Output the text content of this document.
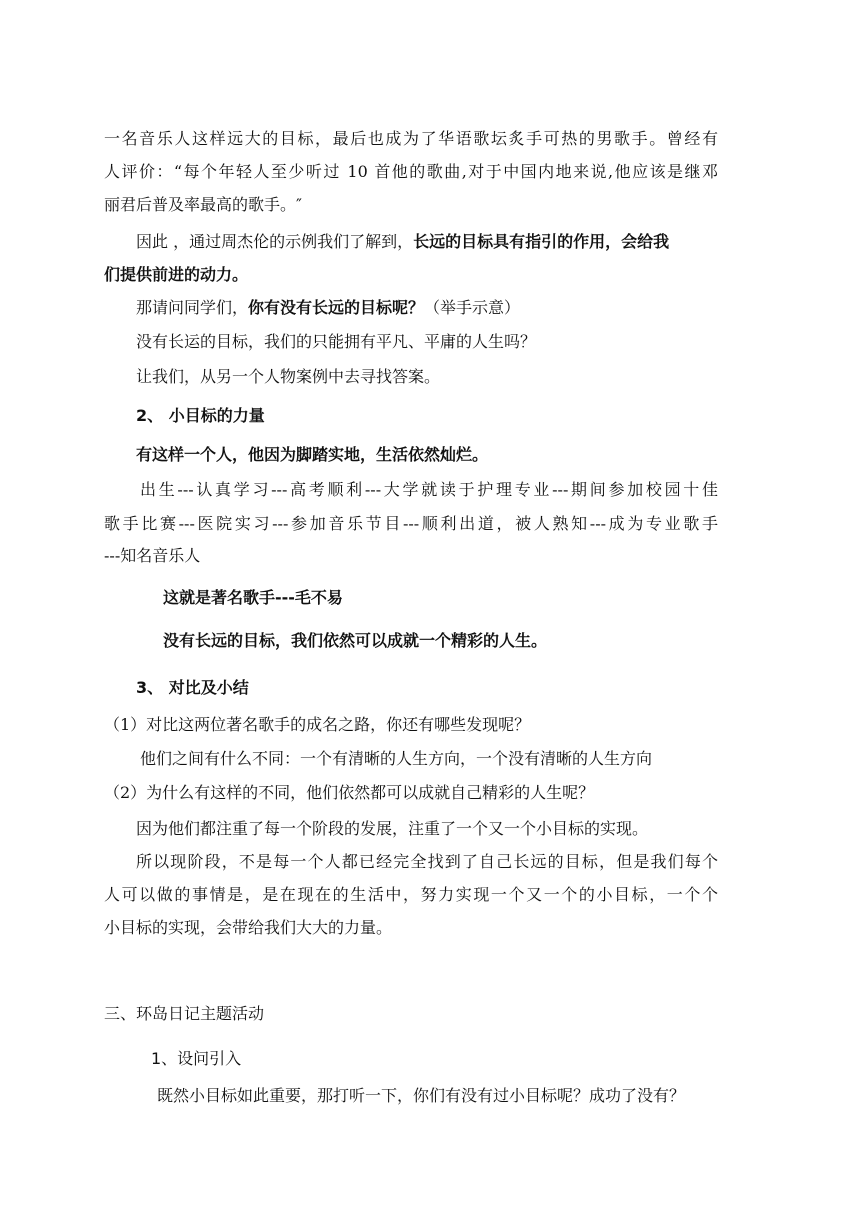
一名音乐人这样远大的目标，最后也成为了华语歌坛炙手可热的男歌手。曾经有
人评价：“每个年轻人至少听过 10 首他的歌曲,对于中国内地来说,他应该是继邓
丽君后普及率最高的歌手。″
因此 ，通过周杰伦的示例我们了解到，长远的目标具有指引的作用，会给我
们提供前进的动力。
那请问同学们，你有没有长远的目标呢？（举手示意）
没有长运的目标，我们的只能拥有平凡、平庸的人生吗？
让我们，从另一个人物案例中去寻找答案。
2、 小目标的力量
有这样一个人，他因为脚踏实地，生活依然灿烂。
出生---认真学习---高考顺利---大学就读于护理专业---期间参加校园十佳
歌手比赛---医院实习---参加音乐节目---顺利出道，被人熟知---成为专业歌手
---知名音乐人
这就是著名歌手---毛不易
没有长远的目标，我们依然可以成就一个精彩的人生。
3、 对比及小结
（1）对比这两位著名歌手的成名之路，你还有哪些发现呢？
他们之间有什么不同：一个有清晰的人生方向，一个没有清晰的人生方向
（2）为什么有这样的不同，他们依然都可以成就自己精彩的人生呢？
因为他们都注重了每一个阶段的发展，注重了一个又一个小目标的实现。
所以现阶段，不是每一个人都已经完全找到了自己长远的目标，但是我们每个
人可以做的事情是，是在现在的生活中，努力实现一个又一个的小目标，一个个
小目标的实现，会带给我们大大的力量。
三、环岛日记主题活动
1、设问引入
既然小目标如此重要，那打听一下，你们有没有过小目标呢？成功了没有？
